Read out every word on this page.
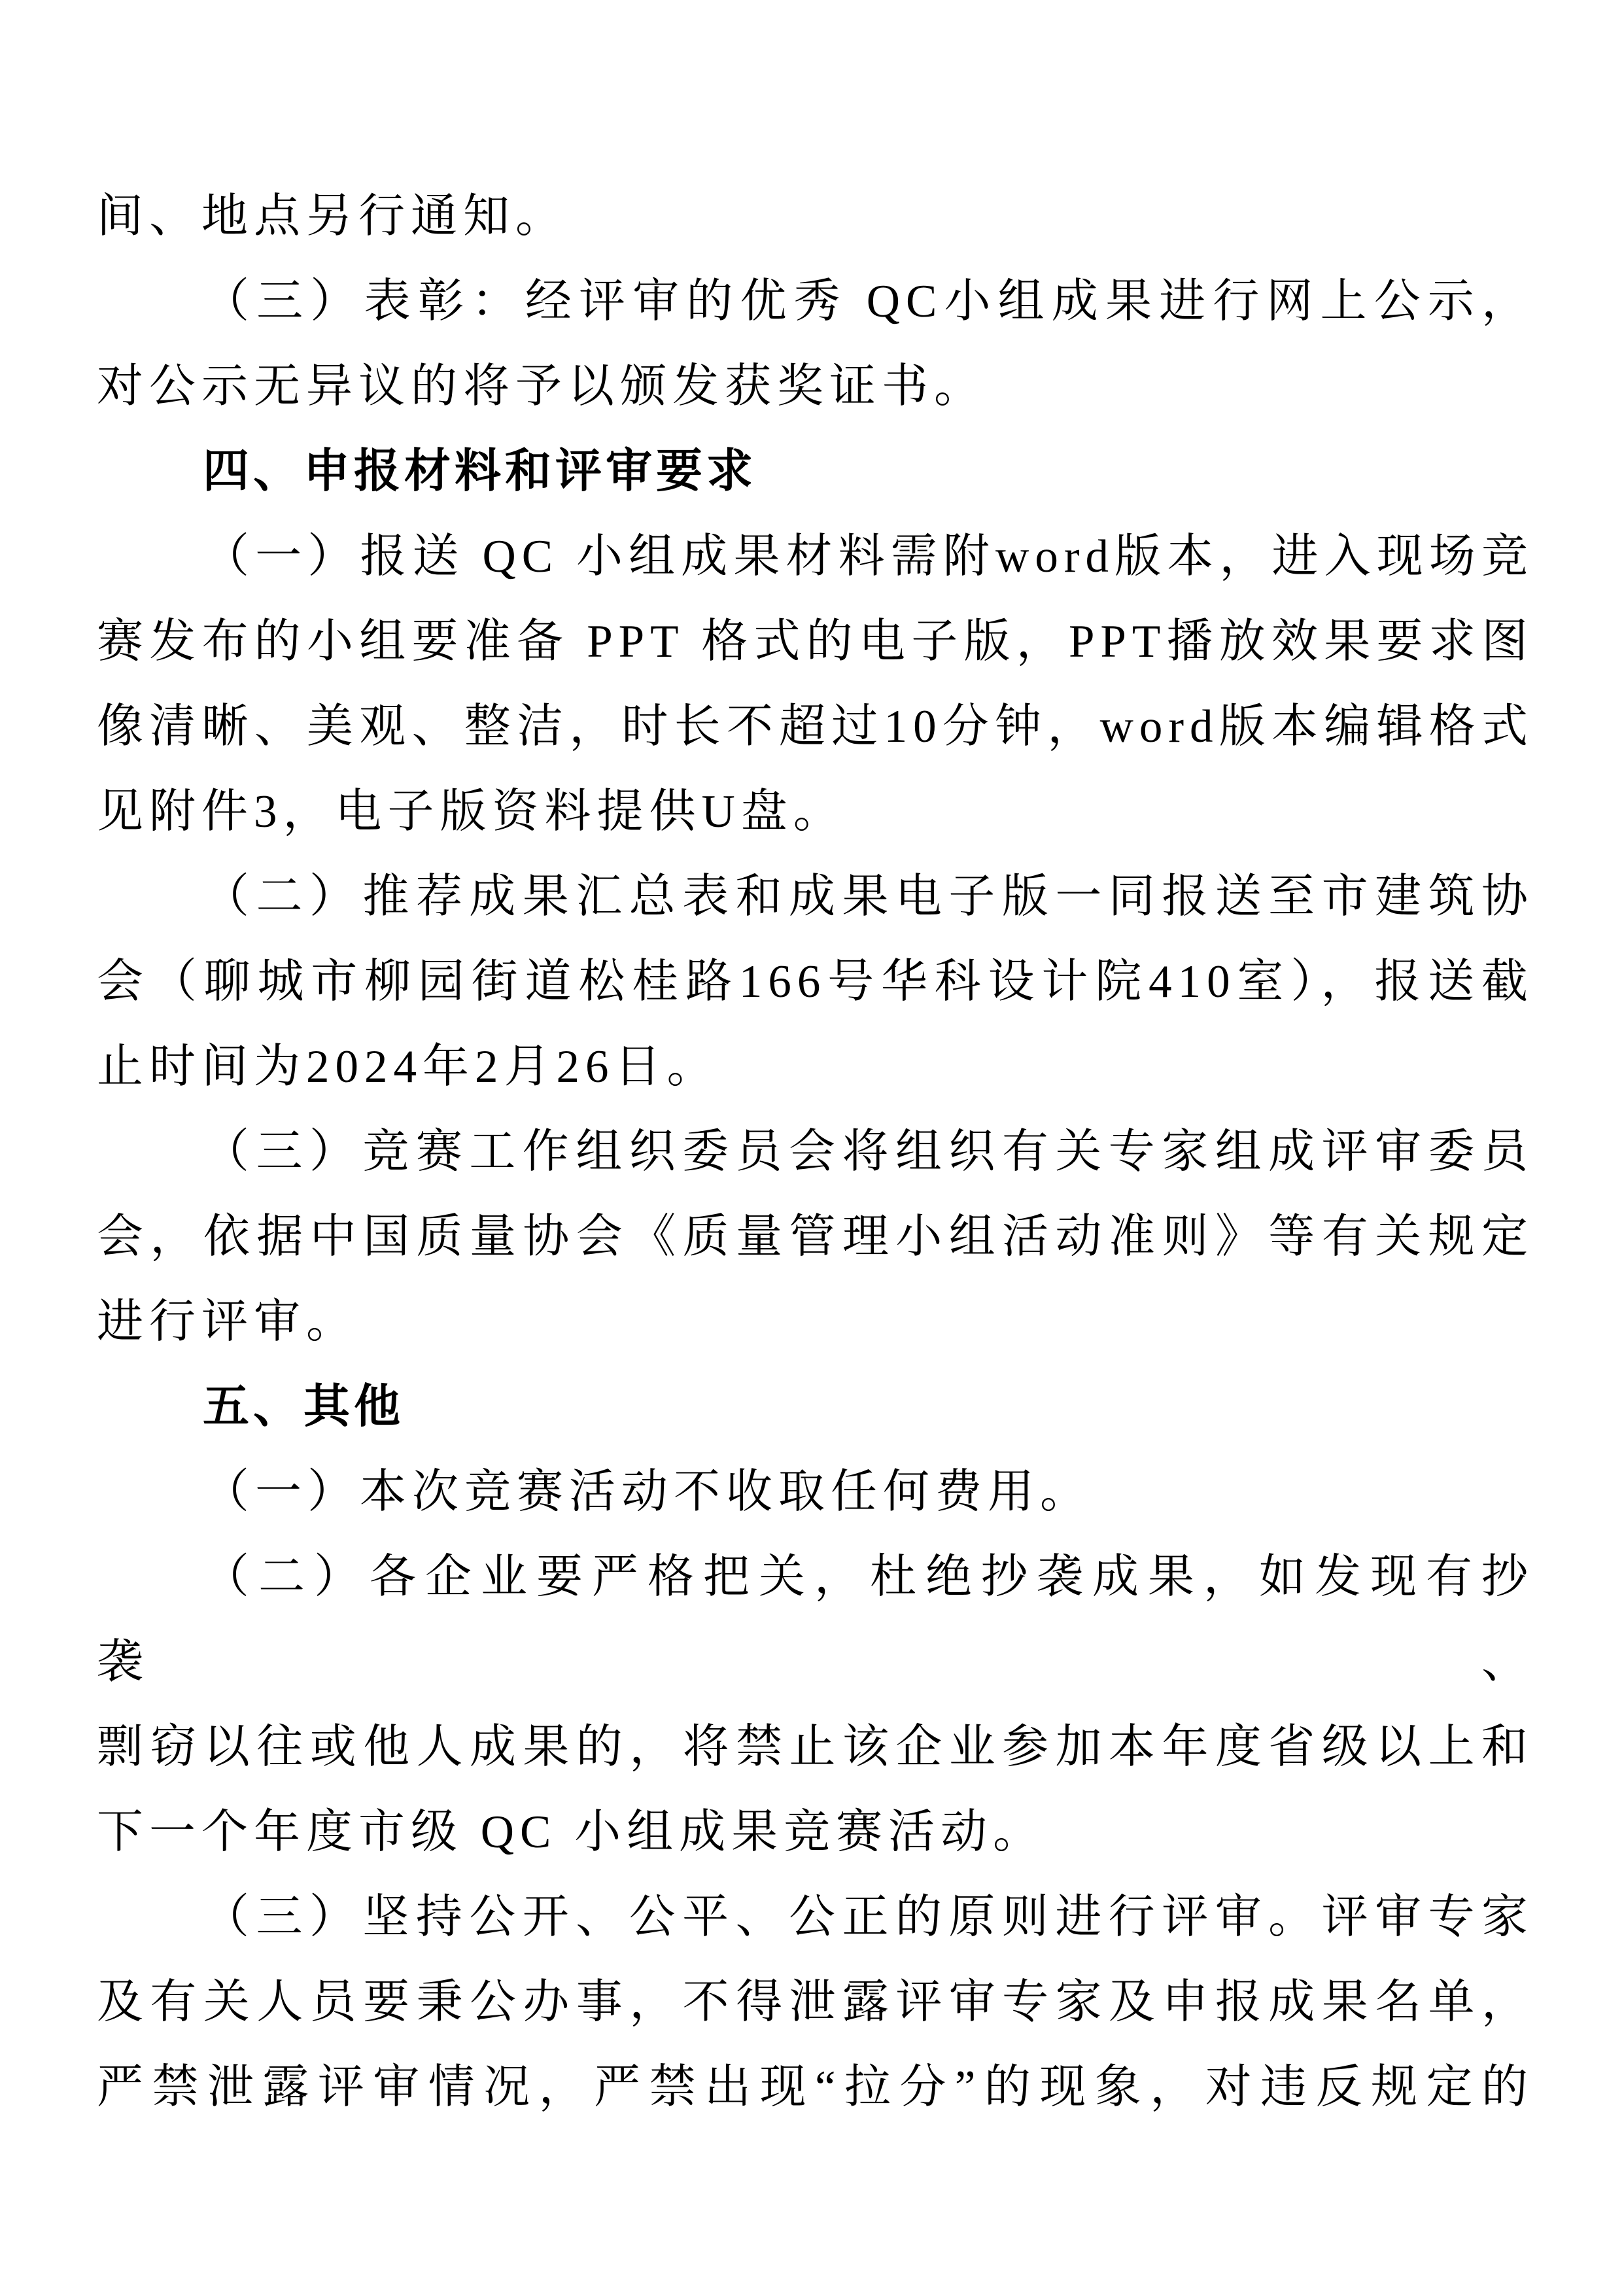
间、地点另行通知。

（三）表彰：经评审的优秀 QC小组成果进行网上公示，

对公示无异议的将予以颁发获奖证书。

四、申报材料和评审要求

（一）报送 QC 小组成果材料需附word版本，进入现场竞

赛发布的小组要准备 PPT 格式的电子版，PPT播放效果要求图

像清晰、美观、整洁，时长不超过10分钟，word版本编辑格式

见附件3，电子版资料提供U盘。

（二）推荐成果汇总表和成果电子版一同报送至市建筑协

会（聊城市柳园街道松桂路166号华科设计院410室），报送截

止时间为2024年2月26日。

（三）竞赛工作组织委员会将组织有关专家组成评审委员

会，依据中国质量协会《质量管理小组活动准则》等有关规定

进行评审。

五、其他

（一）本次竞赛活动不收取任何费用。

（二）各企业要严格把关，杜绝抄袭成果，如发现有抄袭、

剽窃以往或他人成果的，将禁止该企业参加本年度省级以上和

下一个年度市级 QC 小组成果竞赛活动。

（三）坚持公开、公平、公正的原则进行评审。评审专家

及有关人员要秉公办事，不得泄露评审专家及申报成果名单，

严禁泄露评审情况，严禁出现“拉分”的现象，对违反规定的
